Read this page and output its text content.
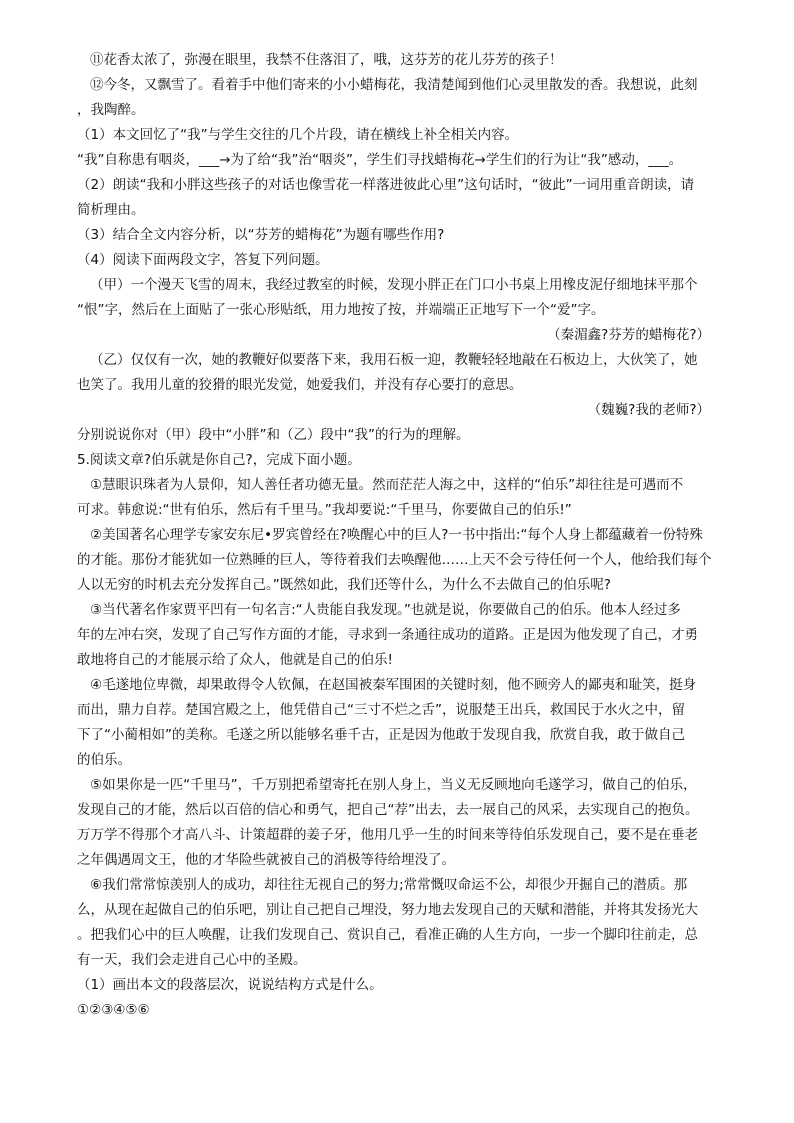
⑪花香太浓了，弥漫在眼里，我禁不住落泪了，哦，这芬芳的花儿芬芳的孩子！
⑫今冬，又飘雪了。看着手中他们寄来的小小蜡梅花，我清楚闻到他们心灵里散发的香。我想说，此刻
，我陶醉。
（1）本文回忆了“我”与学生交往的几个片段，请在横线上补全相关内容。
“我”自称患有咽炎，___→为了给“我”治“咽炎”，学生们寻找蜡梅花→学生们的行为让“我”感动，___。
（2）朗读“我和小胖这些孩子的对话也像雪花一样落进彼此心里”这句话时，“彼此”一词用重音朗读，请
简析理由。
（3）结合全文内容分析，以“芬芳的蜡梅花”为题有哪些作用?
（4）阅读下面两段文字，答复下列问题。
（甲）一个漫天飞雪的周末，我经过教室的时候，发现小胖正在门口小书桌上用橡皮泥仔细地抹平那个
“恨”字，然后在上面贴了一张心形贴纸，用力地按了按，并端端正正地写下一个“爱”字。
（秦湄鑫?芬芳的蜡梅花?）
（乙）仅仅有一次，她的教鞭好似要落下来，我用石板一迎，教鞭轻轻地敲在石板边上，大伙笑了，她
也笑了。我用儿童的狡猾的眼光发觉，她爱我们，并没有存心要打的意思。
（魏巍?我的老师?）
分别说说你对（甲）段中“小胖”和（乙）段中“我”的行为的理解。
5.阅读文章?伯乐就是你自己?，完成下面小题。
①慧眼识珠者为人景仰，知人善任者功德无量。然而茫茫人海之中，这样的“伯乐”却往往是可遇而不
可求。韩愈说:“世有伯乐，然后有千里马。”我却要说:“千里马，你要做自己的伯乐!”
②美国著名心理学专家安东尼•罗宾曾经在?唤醒心中的巨人?一书中指出:“每个人身上都蕴藏着一份特殊
的才能。那份才能犹如一位熟睡的巨人，等待着我们去唤醒他……上天不会亏待任何一个人，他给我们每个
人以无穷的时机去充分发挥自己。”既然如此，我们还等什么，为什么不去做自己的伯乐呢?
③当代著名作家贾平凹有一句名言:“人贵能自我发现。”也就是说，你要做自己的伯乐。他本人经过多
年的左冲右突，发现了自己写作方面的才能，寻求到一条通往成功的道路。正是因为他发现了自己，才勇
敢地将自己的才能展示给了众人，他就是自己的伯乐!
④毛遂地位卑微，却果敢得令人钦佩，在赵国被秦军围困的关键时刻，他不顾旁人的鄙夷和耻笑，挺身
而出，鼎力自荐。楚国宫殿之上，他凭借自己“三寸不烂之舌”，说服楚王出兵，救国民于水火之中，留
下了“小蔺相如”的美称。毛遂之所以能够名垂千古，正是因为他敢于发现自我，欣赏自我，敢于做自己
的伯乐。
⑤如果你是一匹“千里马”，千万别把希望寄托在别人身上，当义无反顾地向毛遂学习，做自己的伯乐，
发现自己的才能，然后以百倍的信心和勇气，把自己“荐”出去，去一展自己的风采，去实现自己的抱负。
万万学不得那个才高八斗、计策超群的姜子牙，他用几乎一生的时间来等待伯乐发现自己，要不是在垂老
之年偶遇周文王，他的才华险些就被自己的消极等待给埋没了。
⑥我们常常惊羡别人的成功，却往往无视自己的努力;常常慨叹命运不公，却很少开掘自己的潜质。那
么，从现在起做自己的伯乐吧，别让自己把自己埋没，努力地去发现自己的天赋和潜能，并将其发扬光大
。把我们心中的巨人唤醒，让我们发现自己、赏识自己，看准正确的人生方向，一步一个脚印往前走，总
有一天，我们会走进自己心中的圣殿。
（1）画出本文的段落层次，说说结构方式是什么。
①②③④⑤⑥
